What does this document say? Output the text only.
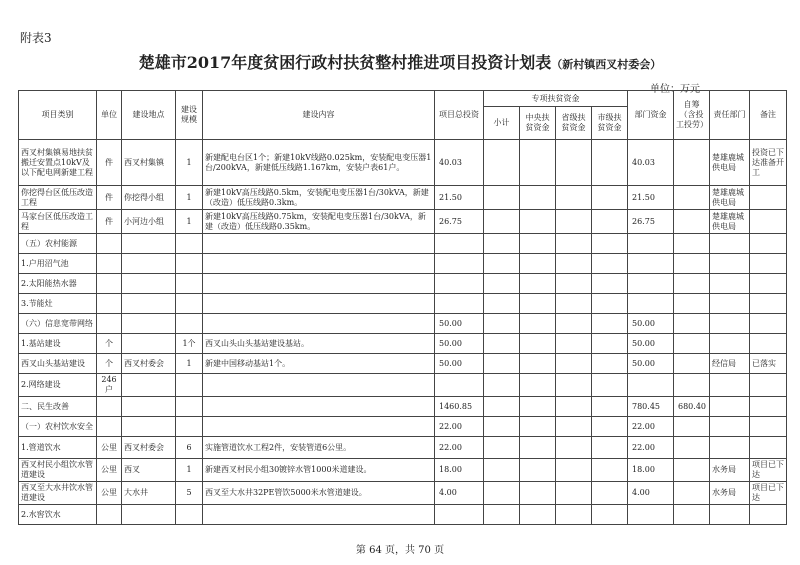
附表3
楚雄市2017年度贫困行政村扶贫整村推进项目投资计划表（新村镇西叉村委会）
单位：万元
项目类别	单位	建设地点	建设规模	建设内容	项目总投资	专项扶贫资金				部门资金	自筹（含投工投劳）	责任部门	备注
						小计	中央扶贫资金	省级扶贫资金	市级扶贫资金				
西叉村集镇易地扶贫搬迁安置点10kV及以下配电网新建工程	件	西叉村集镇	1	新建配电台区1个；新建10kV线路0.025km，安装配电变压器1台/200kVA，新建低压线路1.167km，安装户表61户。	40.03					40.03		楚雄鹿城供电局	投资已下达准备开工
你挖得台区低压改造工程	件	你挖得小组	1	新建10kV高压线路0.5km，安装配电变压器1台/30kVA，新建（改造）低压线路0.3km。	21.50					21.50		楚雄鹿城供电局	
马家台区低压改造工程	件	小河边小组	1	新建10kV高压线路0.75km，安装配电变压器1台/30kVA，新建（改造）低压线路0.35km。	26.75					26.75		楚雄鹿城供电局	
（五）农村能源													
1.户用沼气池													
2.太阳能热水器													
3.节能灶													
（六）信息宽带网络					50.00					50.00			
1.基站建设	个		1个	西叉山头山头基站建设基站。	50.00					50.00			
西叉山头基站建设	个	西叉村委会	1	新建中国移动基站1个。	50.00					50.00		经信局	已落实
2.网络建设	246户												
二、民生改善					1460.85					780.45	680.40		
（一）农村饮水安全					22.00					22.00			
1.管道饮水	公里	西叉村委会	6	实施管道饮水工程2件，安装管道6公里。	22.00					22.00			
西叉村民小组饮水管道建设	公里	西叉	1	新建西叉村民小组30镀锌水管1000米道建设。	18.00					18.00		水务局	项目已下达
西叉至大水井饮水管道建设	公里	大水井	5	西叉至大水井32PE管饮5000米水管道建设。	4.00					4.00		水务局	项目已下达
2.水窖饮水													
第 64 页，共 70 页
